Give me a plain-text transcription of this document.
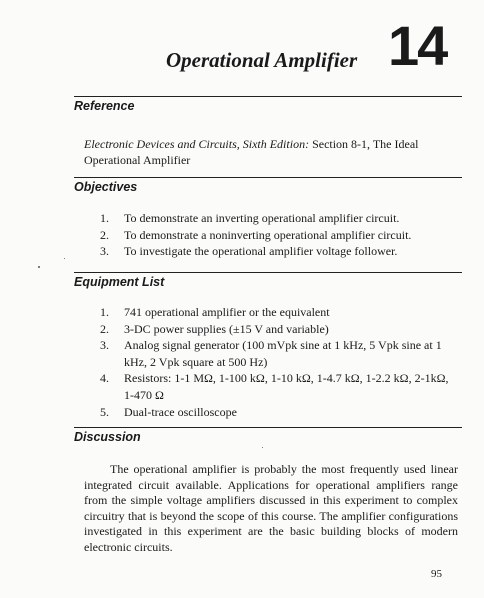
Operational Amplifier 14
Reference
Electronic Devices and Circuits, Sixth Edition: Section 8-1, The Ideal Operational Amplifier
Objectives
1. To demonstrate an inverting operational amplifier circuit.
2. To demonstrate a noninverting operational amplifier circuit.
3. To investigate the operational amplifier voltage follower.
Equipment List
1. 741 operational amplifier or the equivalent
2. 3-DC power supplies (±15 V and variable)
3. Analog signal generator (100 mVpk sine at 1 kHz, 5 Vpk sine at 1 kHz, 2 Vpk square at 500 Hz)
4. Resistors: 1-1 MΩ, 1-100 kΩ, 1-10 kΩ, 1-4.7 kΩ, 1-2.2 kΩ, 2-1kΩ, 1-470 Ω
5. Dual-trace oscilloscope
Discussion
The operational amplifier is probably the most frequently used linear integrated circuit available. Applications for operational amplifiers range from the simple voltage amplifiers discussed in this experiment to complex circuitry that is beyond the scope of this course. The amplifier configurations investigated in this experiment are the basic building blocks of modern electronic circuits.
95
